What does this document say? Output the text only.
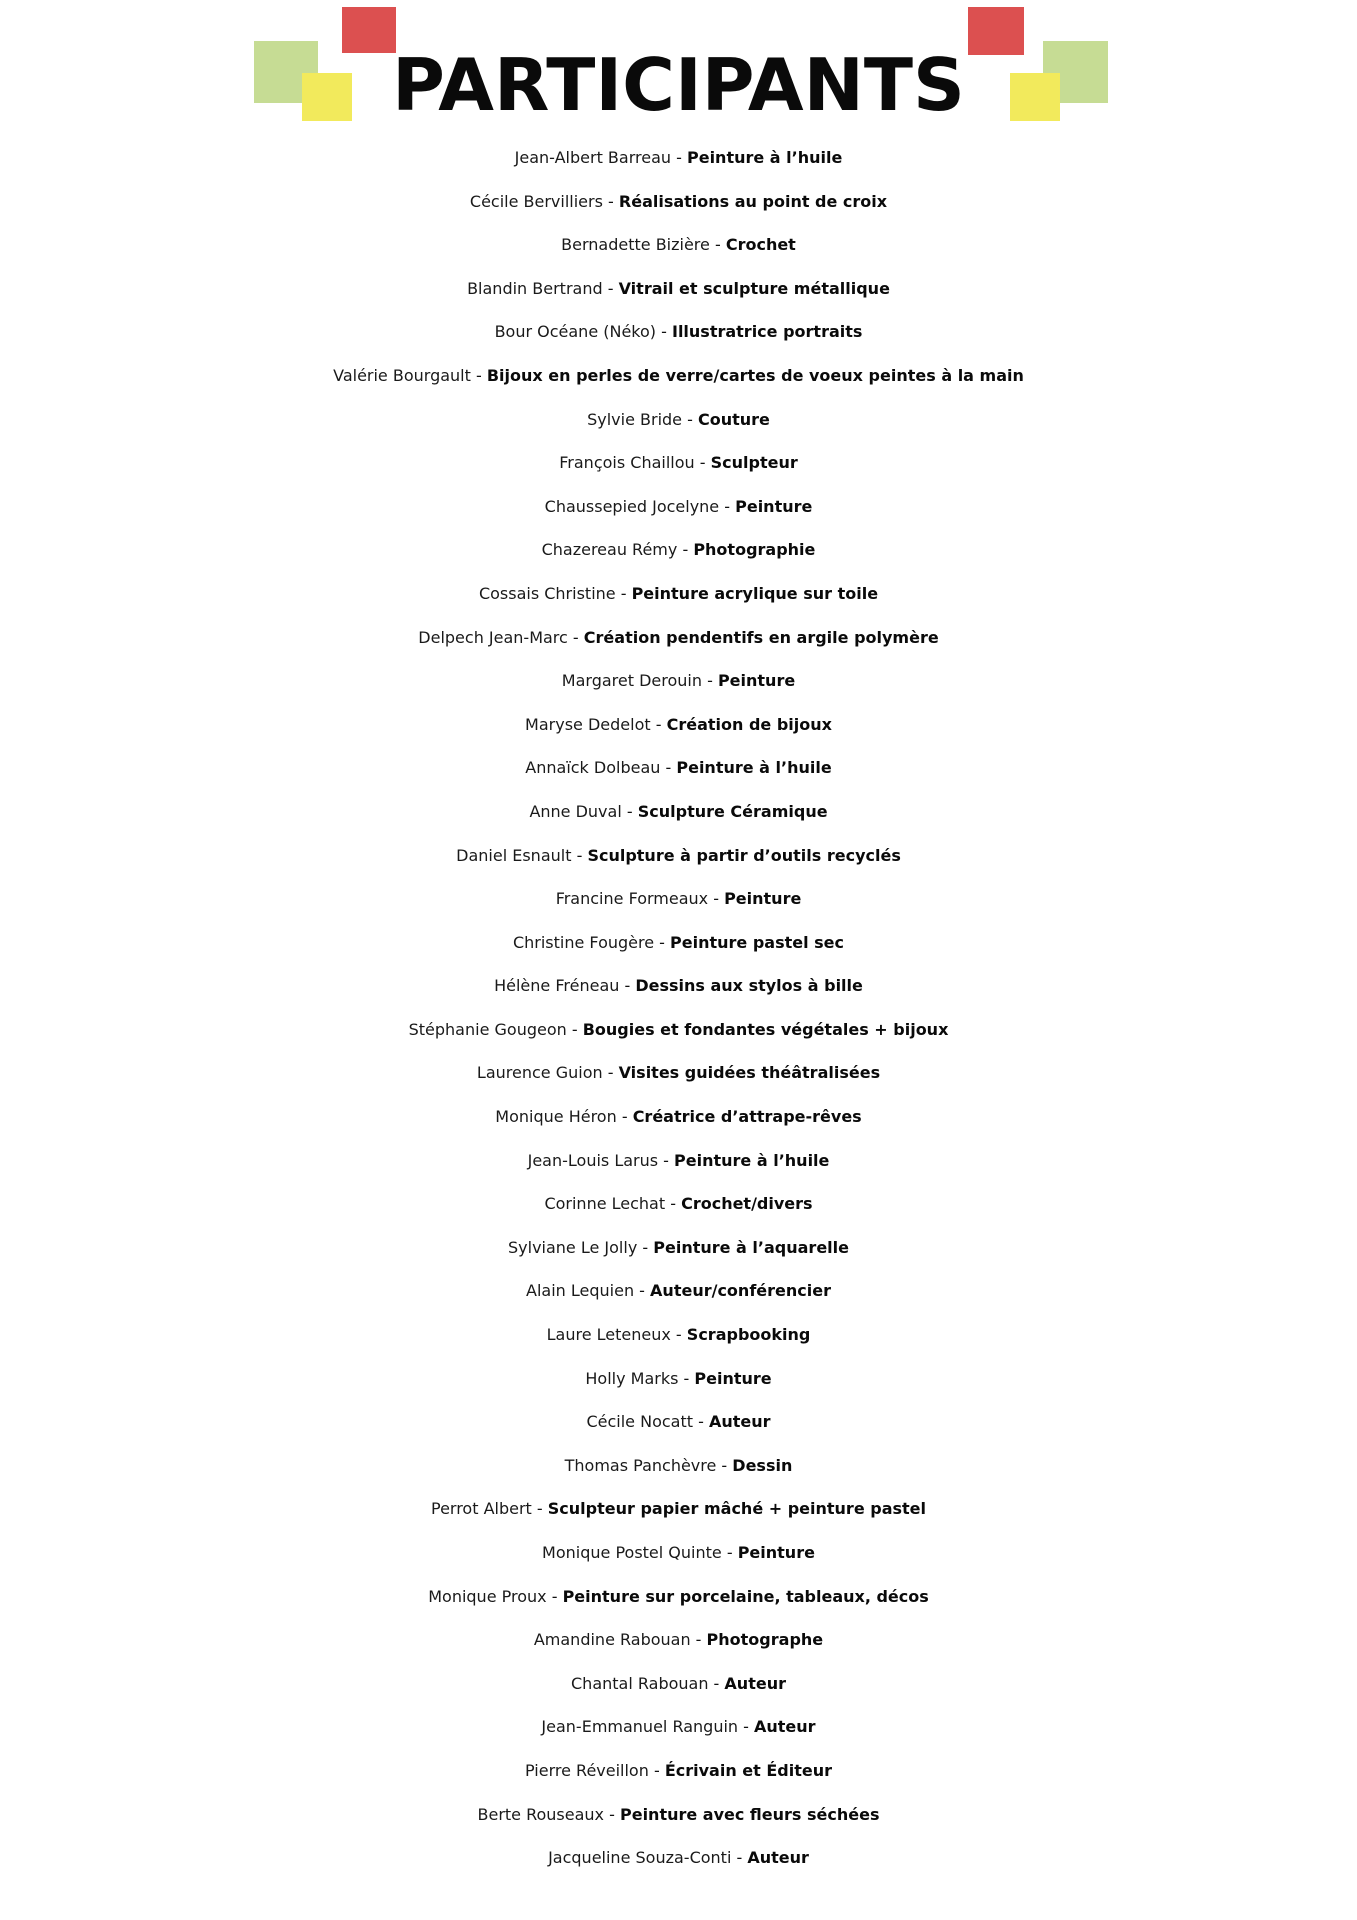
PARTICIPANTS
Jean-Albert Barreau - Peinture à l’huile
Cécile Bervilliers - Réalisations au point de croix
Bernadette Bizière - Crochet
Blandin Bertrand - Vitrail et sculpture métallique
Bour Océane (Néko) - Illustratrice portraits
Valérie Bourgault - Bijoux en perles de verre/cartes de voeux peintes à la main
Sylvie Bride - Couture
François Chaillou - Sculpteur
Chaussepied Jocelyne - Peinture
Chazereau Rémy - Photographie
Cossais Christine - Peinture acrylique sur toile
Delpech Jean-Marc - Création pendentifs en argile polymère
Margaret Derouin - Peinture
Maryse Dedelot - Création de bijoux
Annaïck Dolbeau - Peinture à l’huile
Anne Duval - Sculpture Céramique
Daniel Esnault - Sculpture à partir d’outils recyclés
Francine Formeaux - Peinture
Christine Fougère - Peinture pastel sec
Hélène Fréneau - Dessins aux stylos à bille
Stéphanie Gougeon - Bougies et fondantes végétales + bijoux
Laurence Guion - Visites guidées théâtralisées
Monique Héron - Créatrice d’attrape-rêves
Jean-Louis Larus - Peinture à l’huile
Corinne Lechat - Crochet/divers
Sylviane Le Jolly - Peinture à l’aquarelle
Alain Lequien - Auteur/conférencier
Laure Leteneux - Scrapbooking
Holly Marks - Peinture
Cécile Nocatt - Auteur
Thomas Panchèvre - Dessin
Perrot Albert - Sculpteur papier mâché + peinture pastel
Monique Postel Quinte - Peinture
Monique Proux - Peinture sur porcelaine, tableaux, décos
Amandine Rabouan - Photographe
Chantal Rabouan - Auteur
Jean-Emmanuel Ranguin - Auteur
Pierre Réveillon - Écrivain et Éditeur
Berte Rouseaux - Peinture avec fleurs séchées
Jacqueline Souza-Conti - Auteur
